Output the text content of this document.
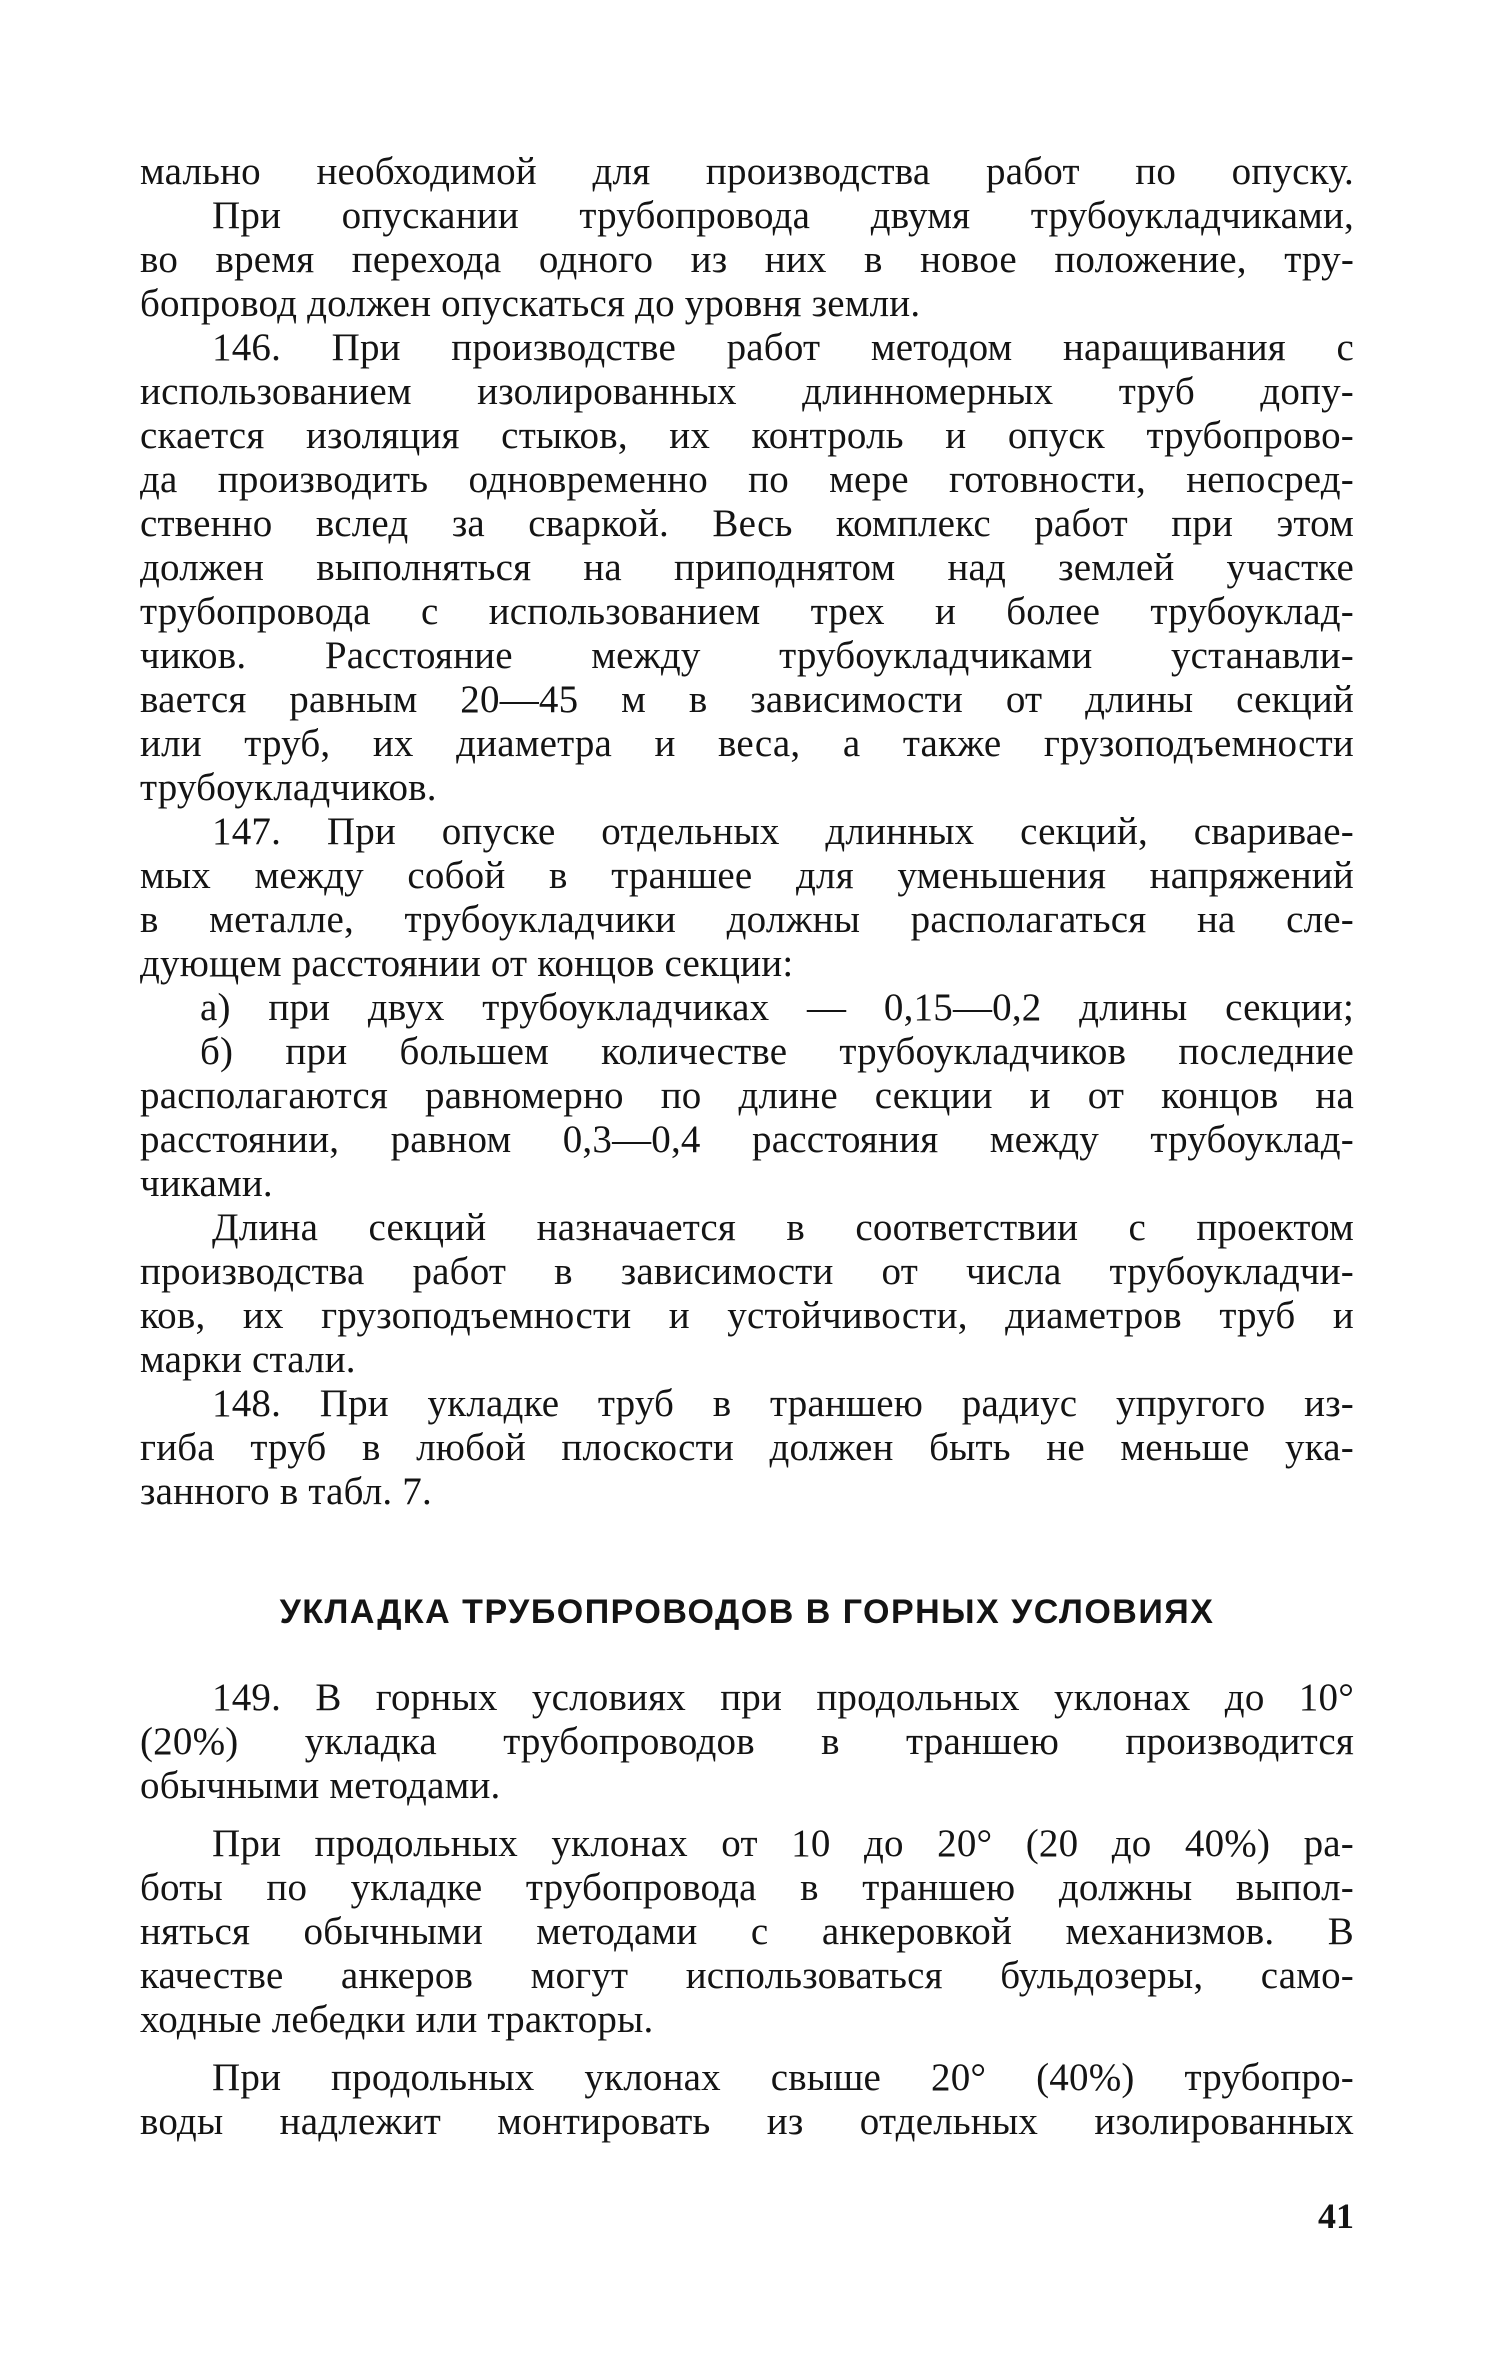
мально необходимой для производства работ по опуску.
При опускании трубопровода двумя трубоукладчиками,
во время перехода одного из них в новое положение, тру-
бопровод должен опускаться до уровня земли.
146. При производстве работ методом наращивания с
использованием изолированных длинномерных труб допу-
скается изоляция стыков, их контроль и опуск трубопрово-
да производить одновременно по мере готовности, непосред-
ственно вслед за сваркой. Весь комплекс работ при этом
должен выполняться на приподнятом над землей участке
трубопровода с использованием трех и более трубоуклад-
чиков. Расстояние между трубоукладчиками устанавли-
вается равным 20—45 м в зависимости от длины секций
или труб, их диаметра и веса, а также грузоподъемности
трубоукладчиков.
147. При опуске отдельных длинных секций, сваривае-
мых между собой в траншее для уменьшения напряжений
в металле, трубоукладчики должны располагаться на сле-
дующем расстоянии от концов секции:
а) при двух трубоукладчиках — 0,15—0,2 длины секции;
б) при большем количестве трубоукладчиков последние
располагаются равномерно по длине секции и от концов на
расстоянии, равном 0,3—0,4 расстояния между трубоуклад-
чиками.
Длина секций назначается в соответствии с проектом
производства работ в зависимости от числа трубоукладчи-
ков, их грузоподъемности и устойчивости, диаметров труб и
марки стали.
148. При укладке труб в траншею радиус упругого из-
гиба труб в любой плоскости должен быть не меньше ука-
занного в табл. 7.
УКЛАДКА ТРУБОПРОВОДОВ В ГОРНЫХ УСЛОВИЯХ
149. В горных условиях при продольных уклонах до 10°
(20%) укладка трубопроводов в траншею производится
обычными методами.
При продольных уклонах от 10 до 20° (20 до 40%) ра-
боты по укладке трубопровода в траншею должны выпол-
няться обычными методами с анкеровкой механизмов. В
качестве анкеров могут использоваться бульдозеры, само-
ходные лебедки или тракторы.
При продольных уклонах свыше 20° (40%) трубопро-
воды надлежит монтировать из отдельных изолированных
41
